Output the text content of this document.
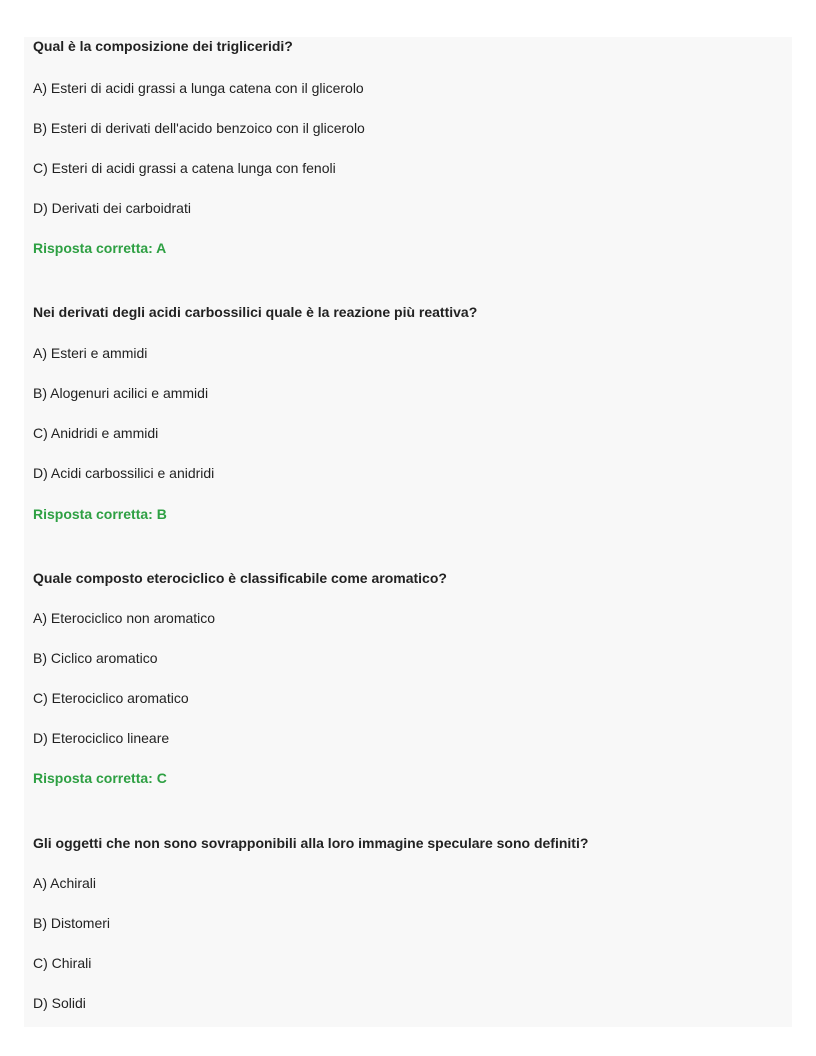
Qual è la composizione dei trigliceridi?
A) Esteri di acidi grassi a lunga catena con il glicerolo
B) Esteri di derivati dell'acido benzoico con il glicerolo
C) Esteri di acidi grassi a catena lunga con fenoli
D) Derivati dei carboidrati
Risposta corretta: A
Nei derivati degli acidi carbossilici quale è la reazione più reattiva?
A) Esteri e ammidi
B) Alogenuri acilici e ammidi
C) Anidridi e ammidi
D) Acidi carbossilici e anidridi
Risposta corretta: B
Quale composto eterociclico è classificabile come aromatico?
A) Eterociclico non aromatico
B) Ciclico aromatico
C) Eterociclico aromatico
D) Eterociclico lineare
Risposta corretta: C
Gli oggetti che non sono sovrapponibili alla loro immagine speculare sono definiti?
A) Achirali
B) Distomeri
C) Chirali
D) Solidi
